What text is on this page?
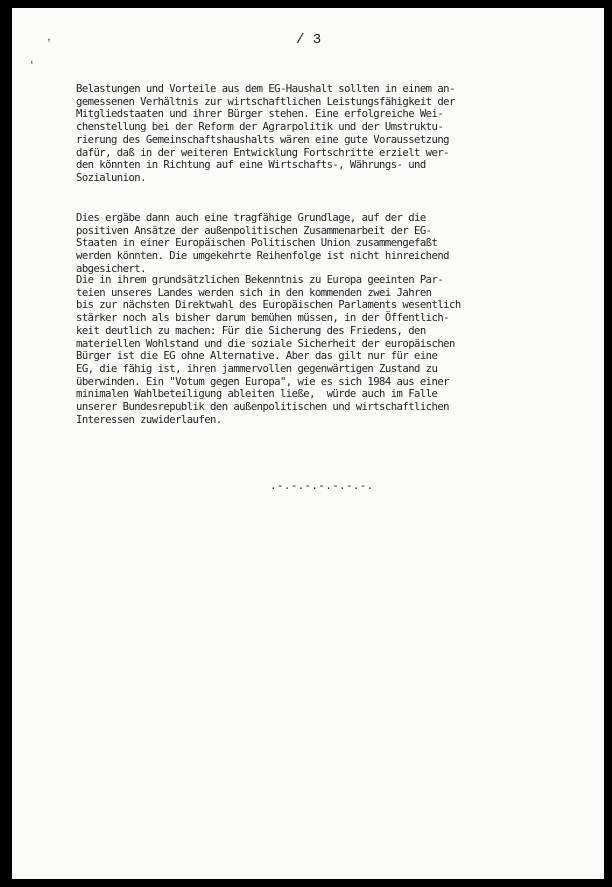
ʼ
ʻ
/ 3

Belastungen und Vorteile aus dem EG-Haushalt sollten in einem an-
gemessenen Verhältnis zur wirtschaftlichen Leistungsfähigkeit der
Mitgliedstaaten und ihrer Bürger stehen. Eine erfolgreiche Wei-
chenstellung bei der Reform der Agrarpolitik und der Umstruktu-
rierung des Gemeinschaftshaushalts wären eine gute Voraussetzung
dafür, daß in der weiteren Entwicklung Fortschritte erzielt wer-
den könnten in Richtung auf eine Wirtschafts-, Währungs- und
Sozialunion.

Dies ergäbe dann auch eine tragfähige Grundlage, auf der die
positiven Ansätze der außenpolitischen Zusammenarbeit der EG-
Staaten in einer Europäischen Politischen Union zusammengefaßt
werden könnten. Die umgekehrte Reihenfolge ist nicht hinreichend
abgesichert.

Die in ihrem grundsätzlichen Bekenntnis zu Europa geeinten Par-
teien unseres Landes werden sich in den kommenden zwei Jahren
bis zur nächsten Direktwahl des Europäischen Parlaments wesentlich
stärker noch als bisher darum bemühen müssen, in der Öffentlich-
keit deutlich zu machen: Für die Sicherung des Friedens, den
materiellen Wohlstand und die soziale Sicherheit der europäischen
Bürger ist die EG ohne Alternative. Aber das gilt nur für eine
EG, die fähig ist, ihren jammervollen gegenwärtigen Zustand zu
überwinden. Ein "Votum gegen Europa", wie es sich 1984 aus einer
minimalen Wahlbeteiligung ableiten ließe,  würde auch im Falle
unserer Bundesrepublik den außenpolitischen und wirtschaftlichen
Interessen zuwiderlaufen.

.-.-.-.-.-.-.-.
